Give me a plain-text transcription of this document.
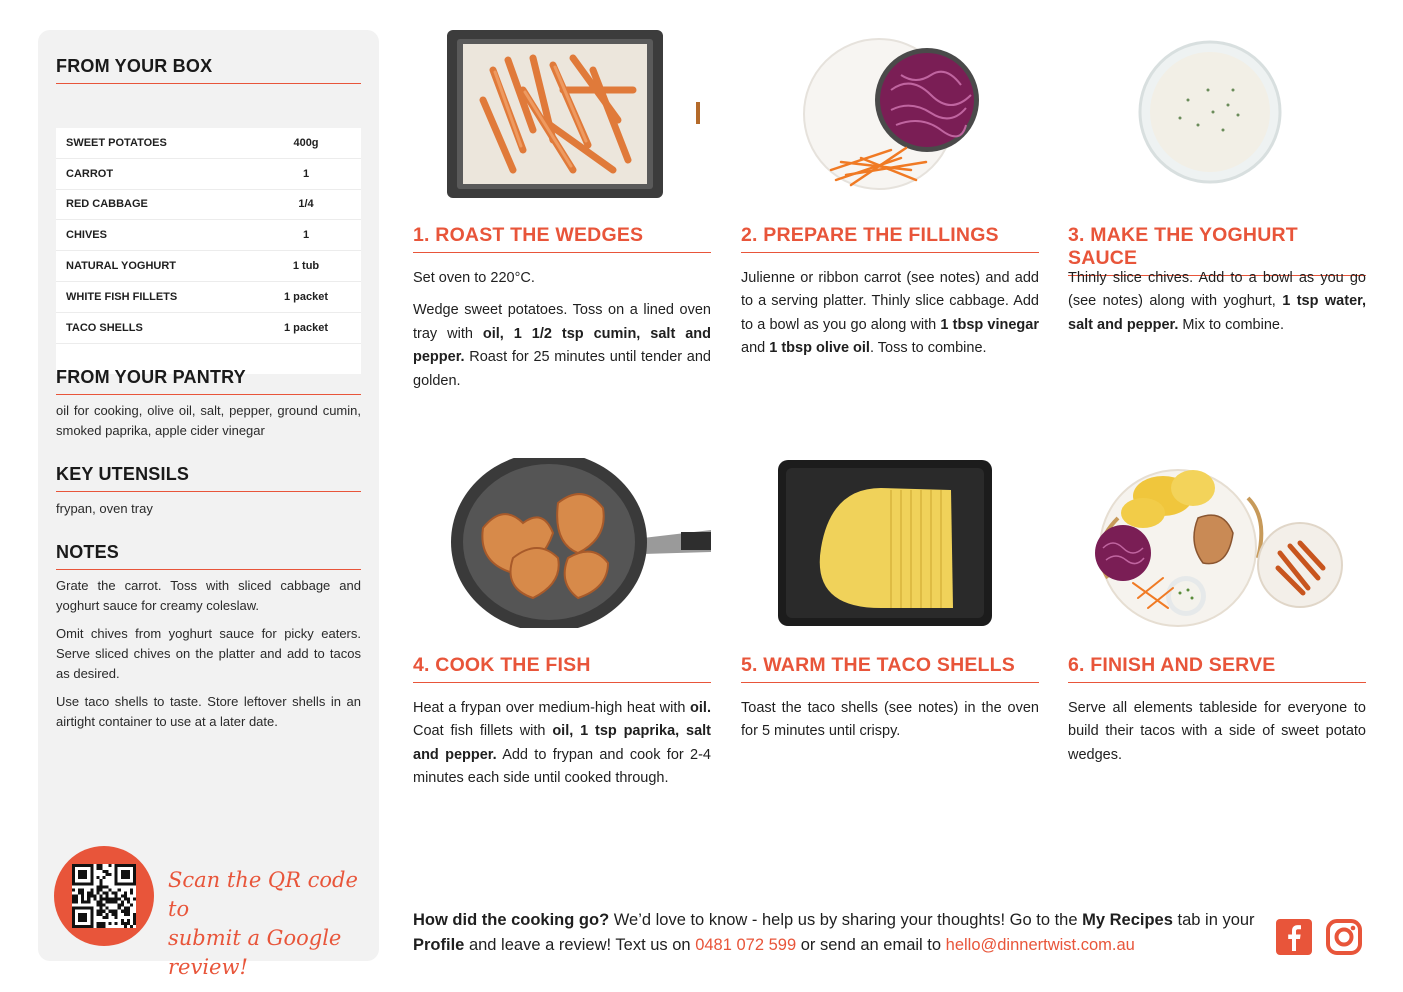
FROM YOUR BOX
SWEET POTATOES	400g
CARROT	1
RED CABBAGE	1/4
CHIVES	1
NATURAL YOGHURT	1 tub
WHITE FISH FILLETS	1 packet
TACO SHELLS	1 packet
FROM YOUR PANTRY
oil for cooking, olive oil, salt, pepper, ground cumin, smoked paprika, apple cider vinegar
KEY UTENSILS
frypan, oven tray
NOTES

Grate the carrot. Toss with sliced cabbage and yoghurt sauce for creamy coleslaw.

Omit chives from yoghurt sauce for picky eaters. Serve sliced chives on the platter and add to tacos as desired.

Use taco shells to taste. Store leftover shells in an airtight container to use at a later date.

Scan the QR code to
submit a Google review!
1. ROAST THE WEDGES

Set oven to 220°C.

Wedge sweet potatoes. Toss on a lined oven tray with oil, 1 1/2 tsp cumin, salt and pepper. Roast for 25 minutes until tender and golden.

2. PREPARE THE FILLINGS

Julienne or ribbon carrot (see notes) and add to a serving platter. Thinly slice cabbage. Add to a bowl as you go along with 1 tbsp vinegar and 1 tbsp olive oil. Toss to combine.

3. MAKE THE YOGHURT SAUCE

Thinly slice chives. Add to a bowl as you go (see notes) along with yoghurt, 1 tsp water, salt and pepper. Mix to combine.

4. COOK THE FISH

Heat a frypan over medium-high heat with oil. Coat fish fillets with oil, 1 tsp paprika, salt and pepper. Add to frypan and cook for 2-4 minutes each side until cooked through.

5. WARM THE TACO SHELLS

Toast the taco shells (see notes) in the oven for 5 minutes until crispy.

6. FINISH AND SERVE

Serve all elements tableside for everyone to build their tacos with a side of sweet potato wedges.

How did the cooking go? We’d love to know - help us by sharing your thoughts! Go to the My Recipes tab in your Profile and leave a review! Text us on 0481 072 599 or send an email to hello@dinnertwist.com.au
